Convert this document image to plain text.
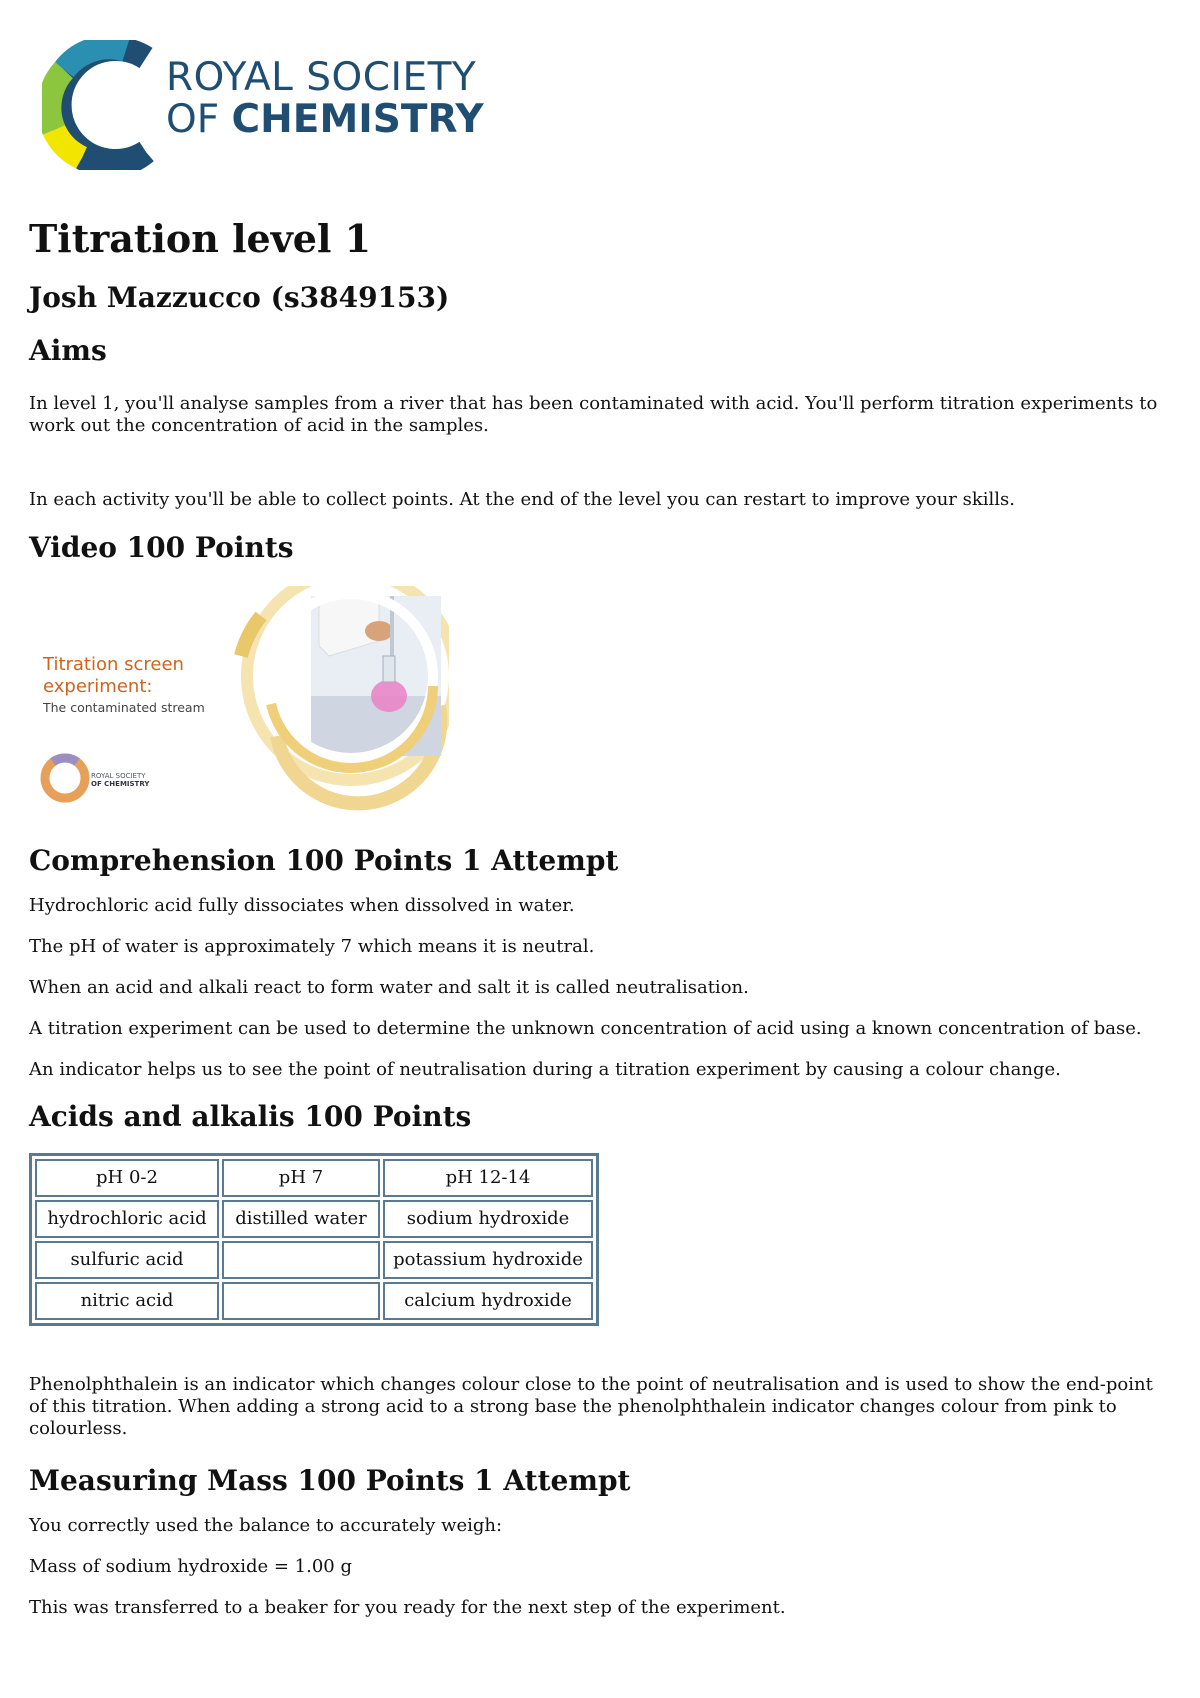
ROYAL SOCIETY
OF CHEMISTRY
Titration level 1
Josh Mazzucco (s3849153)
Aims

In level 1, you'll analyse samples from a river that has been contaminated with acid. You'll perform titration experiments to work out the concentration of acid in the samples.

In each activity you'll be able to collect points. At the end of the level you can restart to improve your skills.

Video 100 Points
ROYAL SOCIETY
OF CHEMISTRY
Titration screen
experiment:
The contaminated stream
Comprehension 100 Points 1 Attempt

Hydrochloric acid fully dissociates when dissolved in water.

The pH of water is approximately 7 which means it is neutral.

When an acid and alkali react to form water and salt it is called neutralisation.

A titration experiment can be used to determine the unknown concentration of acid using a known concentration of base.

An indicator helps us to see the point of neutralisation during a titration experiment by causing a colour change.

Acids and alkalis 100 Points
pH 0-2	pH 7	pH 12-14
hydrochloric acid	distilled water	sodium hydroxide
sulfuric acid		potassium hydroxide
nitric acid		calcium hydroxide

Phenolphthalein is an indicator which changes colour close to the point of neutralisation and is used to show the end-point of this titration. When adding a strong acid to a strong base the phenolphthalein indicator changes colour from pink to colourless.

Measuring Mass 100 Points 1 Attempt

You correctly used the balance to accurately weigh:

Mass of sodium hydroxide = 1.00 g

This was transferred to a beaker for you ready for the next step of the experiment.
